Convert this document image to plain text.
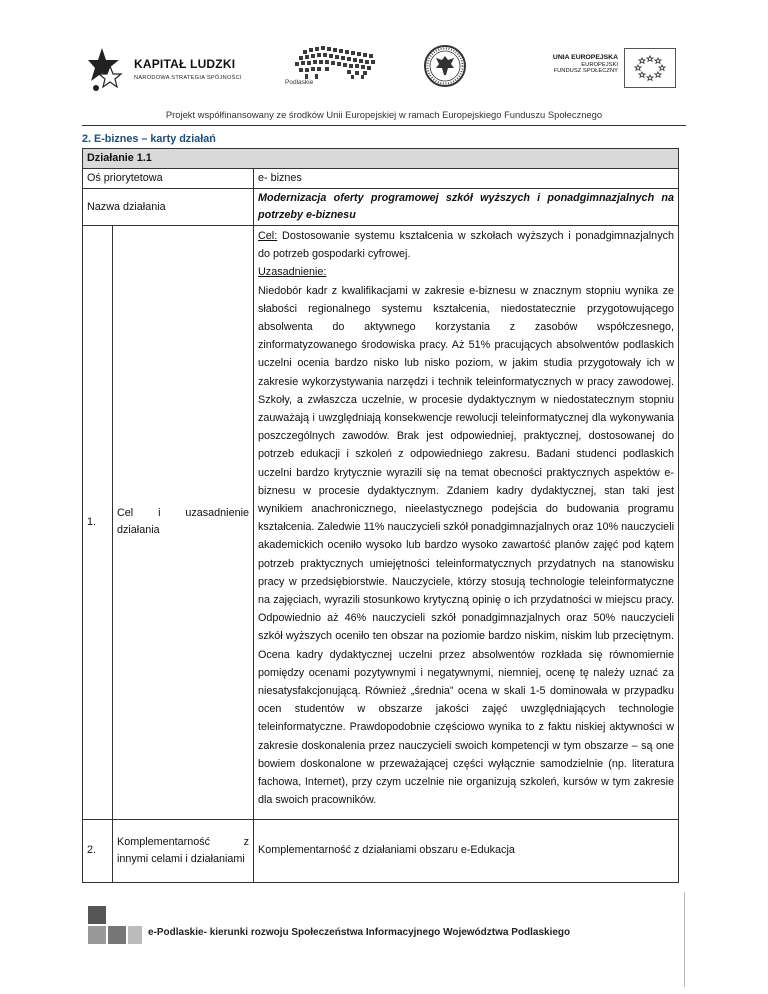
KAPITAŁ LUDZKI
NARODOWA STRATEGIA SPÓJNOŚCI
Podlaskie
UNIA EUROPEJSKA
EUROPEJSKI
FUNDUSZ SPOŁECZNY
Projekt współfinansowany ze środków Unii Europejskiej w ramach Europejskiego Funduszu Społecznego
2. E-biznes – karty działań
Działanie 1.1		
Oś priorytetowa		e- biznes
Nazwa działania		Modernizacja oferty programowej szkół wyższych i ponadgimnazjalnych na potrzeby e-biznesu
1.	Cel i uzasadnienie działania	Cel: Dostosowanie systemu kształcenia w szkołach wyższych i ponadgimnazjalnych do potrzeb gospodarki cyfrowej.
Uzasadnienie:
Niedobór kadr z kwalifikacjami w zakresie e-biznesu w znacznym stopniu wynika ze słabości regionalnego systemu kształcenia, niedostatecznie przygotowującego absolwenta do aktywnego korzystania z zasobów współczesnego, zinformatyzowanego środowiska pracy. Aż 51% pracujących absolwentów podlaskich uczelni ocenia bardzo nisko lub nisko poziom, w jakim studia przygotowały ich w zakresie wykorzystywania narzędzi i technik teleinformatycznych w pracy zawodowej. Szkoły, a zwłaszcza uczelnie, w procesie dydaktycznym w niedostatecznym stopniu zauważają i uwzględniają konsekwencje rewolucji teleinformatycznej dla wykonywania poszczególnych zawodów. Brak jest odpowiedniej, praktycznej, dostosowanej do potrzeb edukacji i szkoleń z odpowiedniego zakresu. Badani studenci podlaskich uczelni bardzo krytycznie wyrazili się na temat obecności praktycznych aspektów e-biznesu w procesie dydaktycznym. Zdaniem kadry dydaktycznej, stan taki jest wynikiem anachronicznego, nieelastycznego podejścia do budowania programu kształcenia. Zaledwie 11% nauczycieli szkół ponadgimnazjalnych oraz 10% nauczycieli akademickich oceniło wysoko lub bardzo wysoko zawartość planów zajęć pod kątem potrzeb praktycznych umiejętności teleinformatycznych przydatnych na stanowisku pracy w przedsiębiorstwie. Nauczyciele, którzy stosują technologie teleinformatyczne na zajęciach, wyrazili stosunkowo krytyczną opinię o ich przydatności w miejscu pracy. Odpowiednio aż 46% nauczycieli szkół ponadgimnazjalnych oraz 50% nauczycieli szkół wyższych oceniło ten obszar na poziomie bardzo niskim, niskim lub przeciętnym. Ocena kadry dydaktycznej uczelni przez absolwentów rozkłada się równomiernie pomiędzy ocenami pozytywnymi i negatywnymi, niemniej, ocenę tę należy uznać za niesatysfakcjonującą. Również „średnia” ocena w skali 1-5 dominowała w przypadku ocen studentów w obszarze jakości zajęć uwzględniających technologie teleinformatyczne. Prawdopodobnie częściowo wynika to z faktu niskiej aktywności w zakresie doskonalenia przez nauczycieli swoich kompetencji w tym obszarze – są one bowiem doskonalone w przeważającej części wyłącznie samodzielnie (np. literatura fachowa, Internet), przy czym uczelnie nie organizują szkoleń, kursów w tym zakresie dla swoich pracowników.

2.	Komplementarność z innymi celami i działaniami	Komplementarność z działaniami obszaru e-Edukacja
e-Podlaskie- kierunki rozwoju Społeczeństwa Informacyjnego Województwa Podlaskiego
